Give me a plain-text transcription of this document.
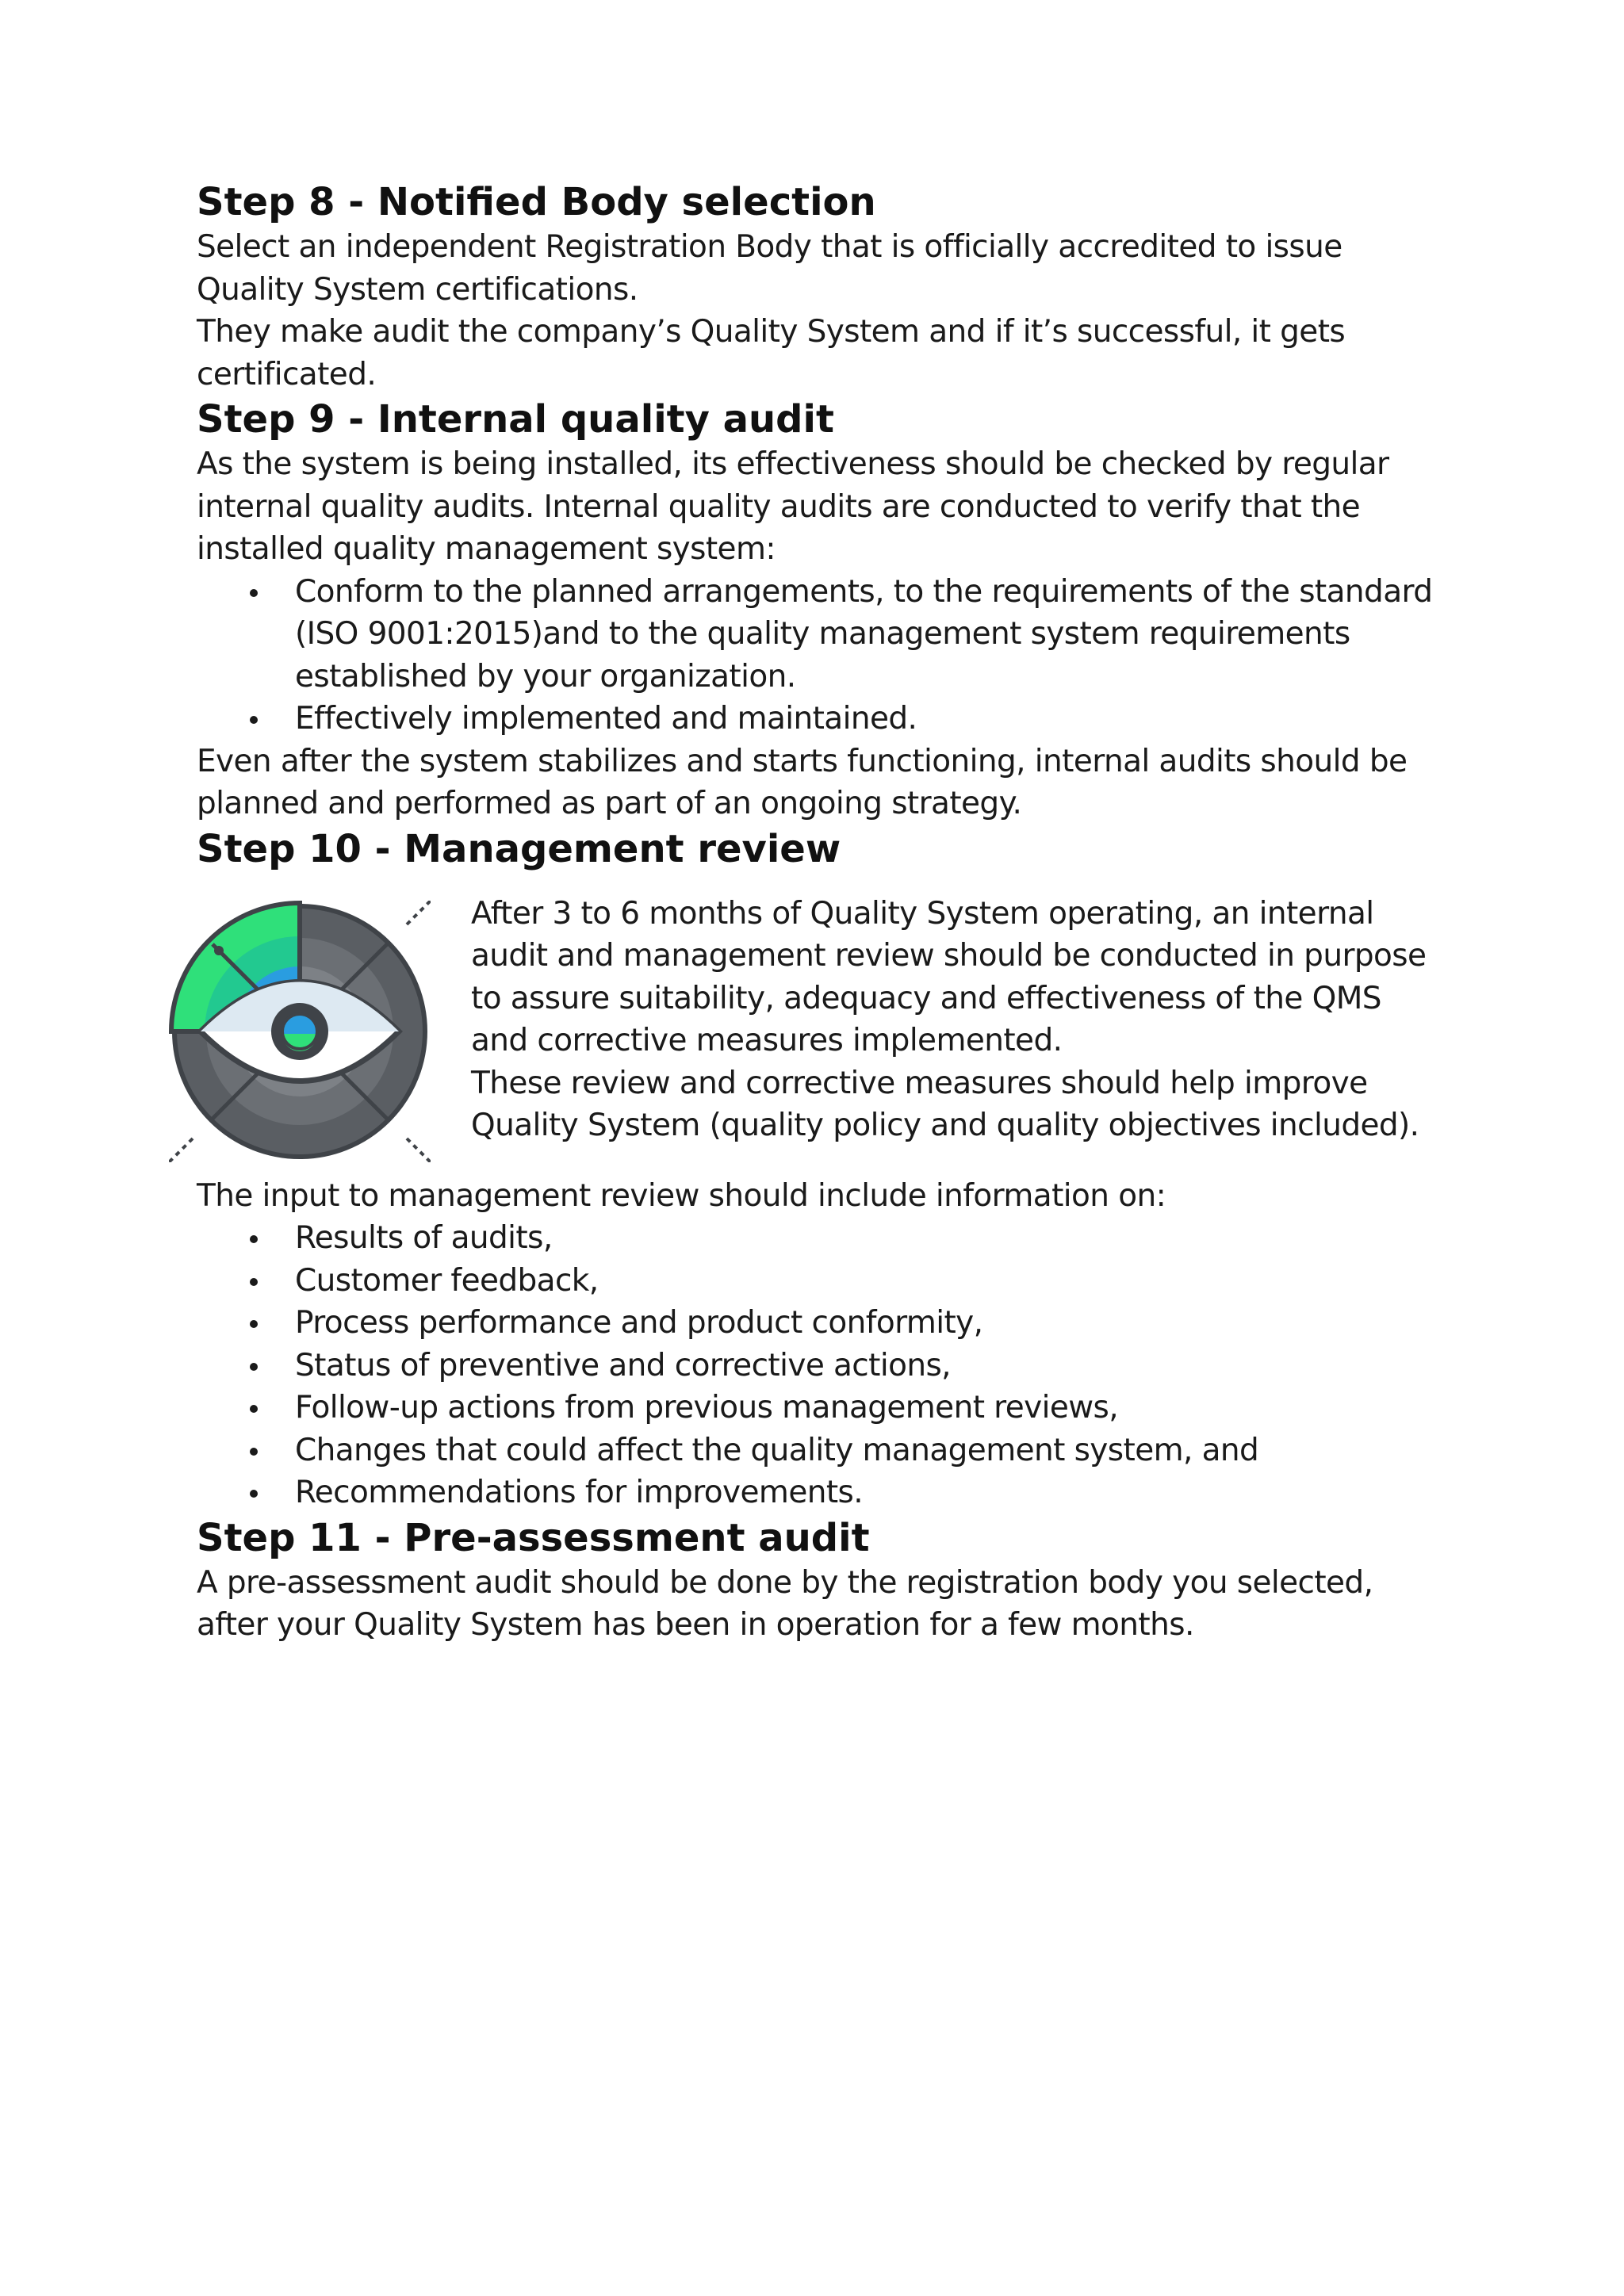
Step 8 - Notified Body selection

Select an independent Registration Body that is officially accredited to issue Quality System certifications.

They make audit the company’s Quality System and if it’s successful, it gets certificated.

Step 9 - Internal quality audit

As the system is being installed, its effectiveness should be checked by regular internal quality audits. Internal quality audits are conducted to verify that the installed quality management system:

Conform to the planned arrangements, to the requirements of the standard (ISO 9001:2015)and to the quality management system requirements established by your organization.
Effectively implemented and maintained.

Even after the system stabilizes and starts functioning, internal audits should be planned and performed as part of an ongoing strategy.

Step 10 - Management review

After 3 to 6 months of Quality System operating, an internal audit and management review should be conducted in purpose to assure suitability, adequacy and effectiveness of the QMS and corrective measures implemented.

These review and corrective measures should help improve Quality System (quality policy and quality objectives included).

The input to management review should include information on:

Results of audits,
Customer feedback,
Process performance and product conformity,
Status of preventive and corrective actions,
Follow-up actions from previous management reviews,
Changes that could affect the quality management system, and
Recommendations for improvements.
Step 11 - Pre-assessment audit

A pre-assessment audit should be done by the registration body you selected, after your Quality System has been in operation for a few months.
